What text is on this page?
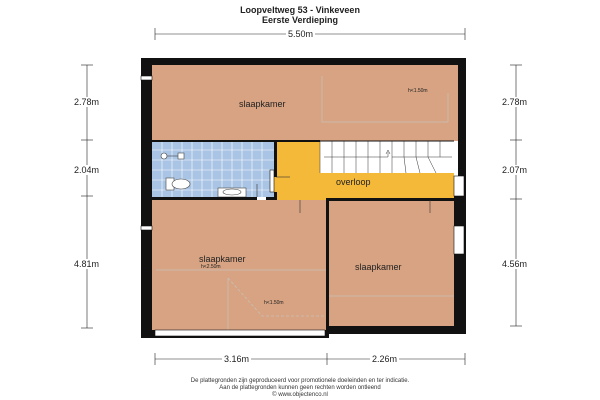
Loopveltweg 53 - Vinkeveen
Eerste Verdieping
5.50m
2.78m
2.04m
4.81m
2.78m
2.07m
4.56m
3.16m	2.26m
slaapkamer
overloop
slaapkamer
slaapkamer
h<1.50m
h<2.50m
h<1.50m
De plattegronden zijn geproduceerd voor promotionele doeleinden en ter indicatie.
Aan de plattegronden kunnen geen rechten worden ontleend
© www.objectenco.nl
